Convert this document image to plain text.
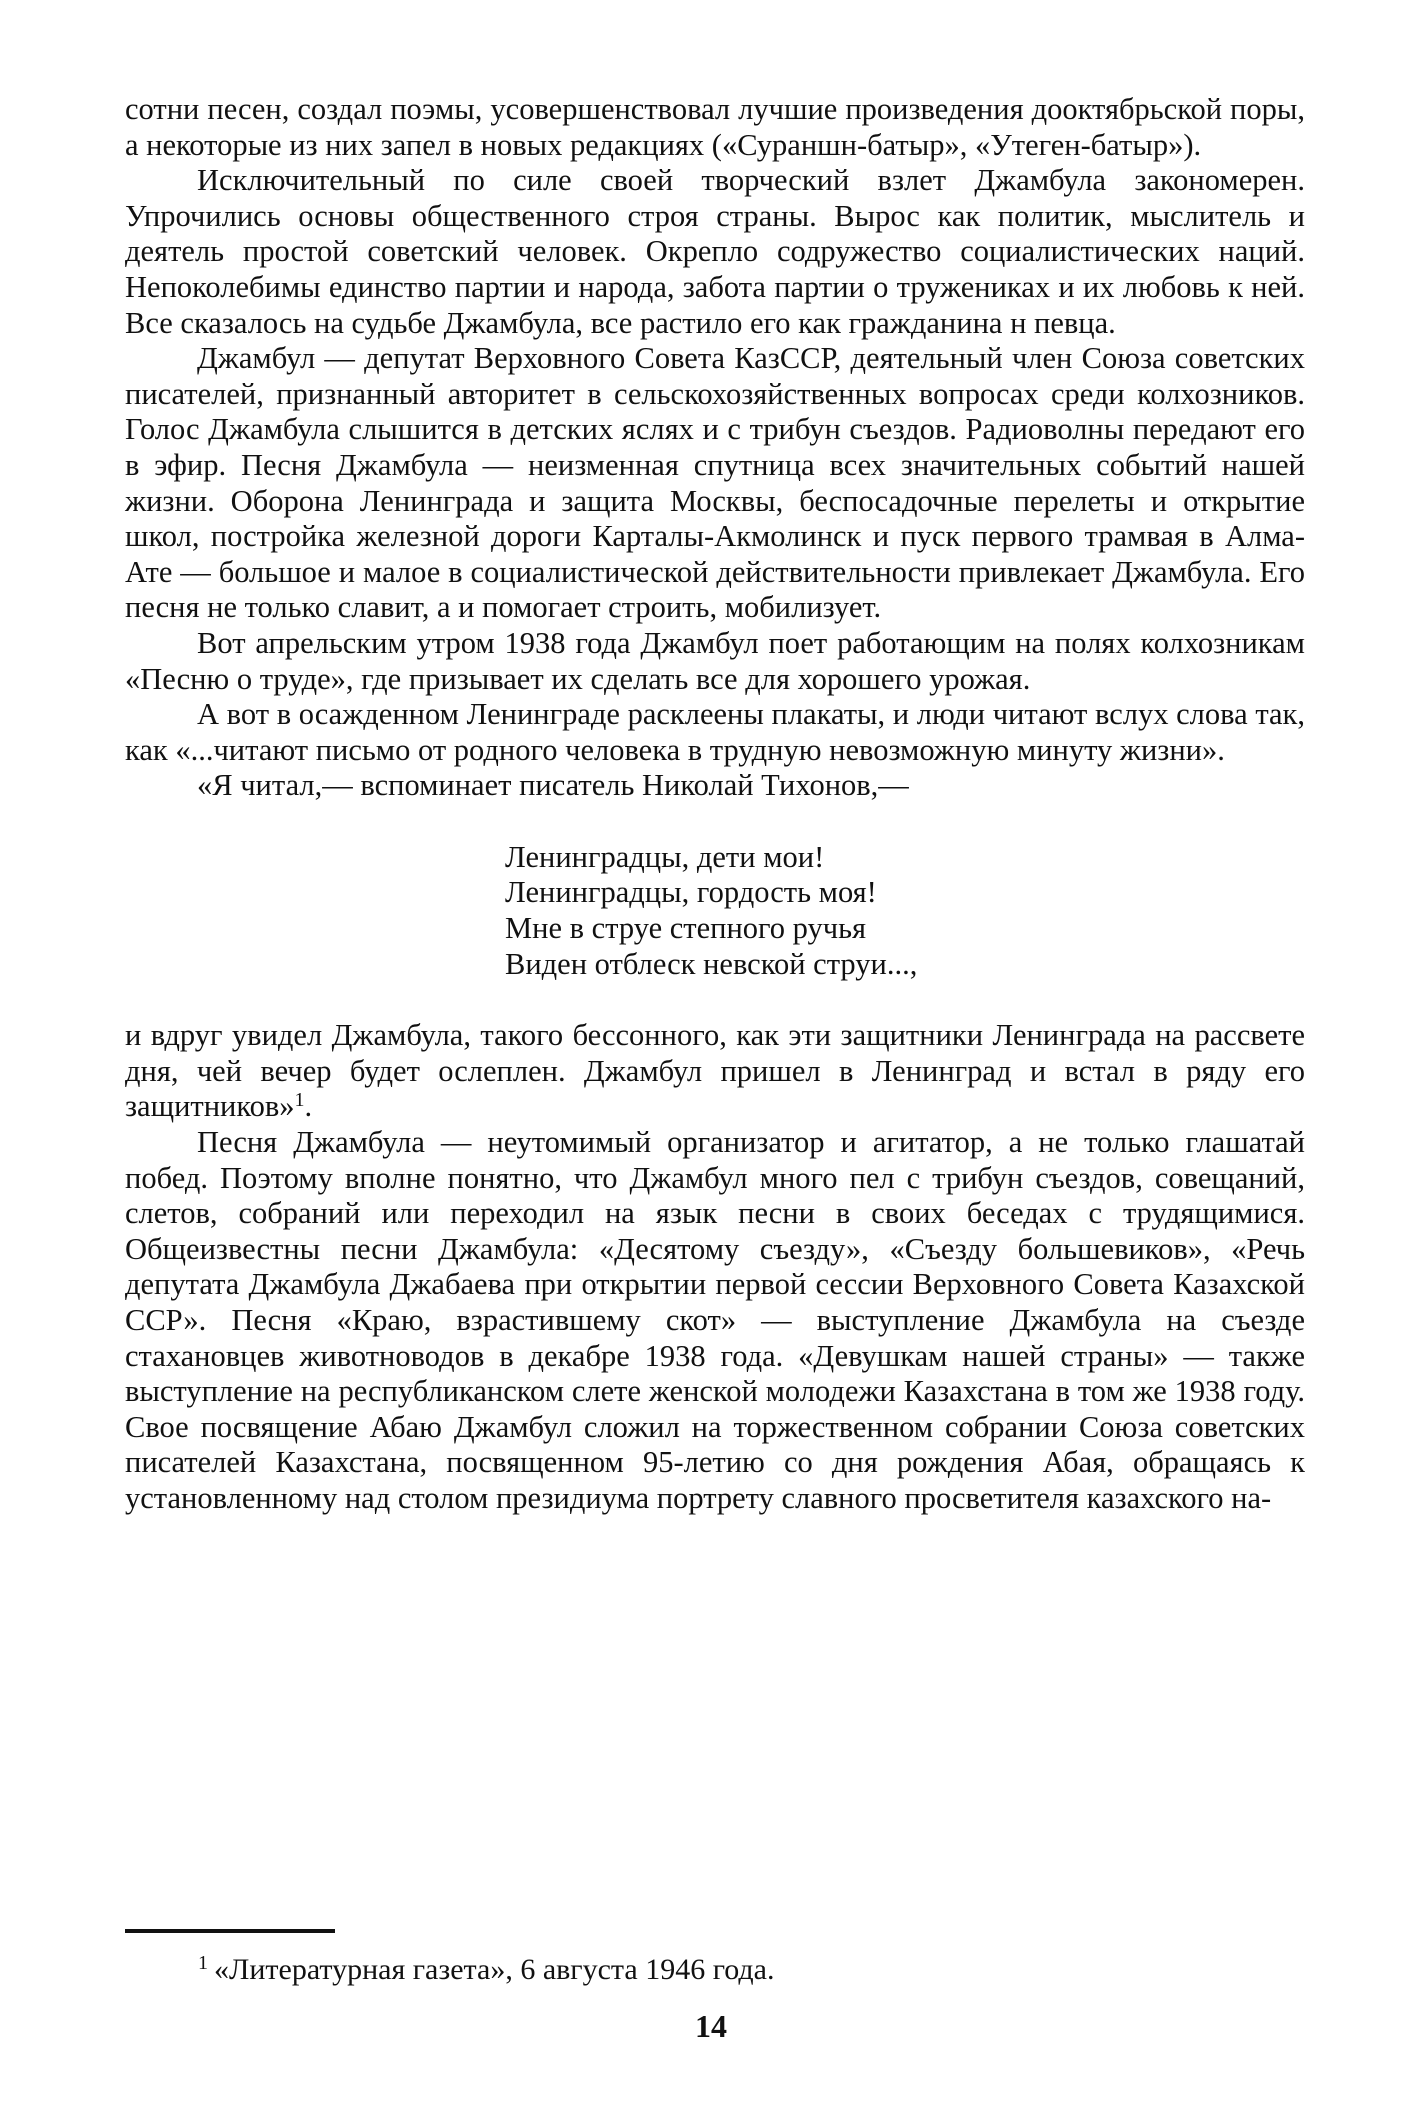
сотни песен, создал поэмы, усовершенствовал лучшие произведения доoктябрьской поры, а некоторые из них запел в новых редакциях («Сураншн-батыр», «Утеген-батыр»).

Исключительный по силе своей творческий взлет Джамбула закономерен. Упрочились основы общественного строя страны. Вырос как политик, мыслитель и деятель простой советский человек. Окрепло содружество социалистических наций. Непоколебимы единство партии и народа, забота партии о тружениках и их любовь к ней. Все сказалось на судьбе Джамбула, все растило его как гражданина н певца.

Джамбул — депутат Верховного Совета КазССР, деятельный член Союза советских писателей, признанный авторитет в сельскохозяйственных вопросах среди колхозников. Голос Джамбула слышится в детских яслях и с трибун съездов. Радиоволны передают его в эфир. Песня Джамбула — неизменная спутница всех значительных событий нашей жизни. Оборона Ленинграда и защита Москвы, беспосадочные перелеты и открытие школ, постройка железной дороги Карталы-Акмолинск и пуск первого трамвая в Алма-Ате — большое и малое в социалистической действительности привлекает Джамбула. Его песня не только славит, а и помогает строить, мобилизует.

Вот апрельским утром 1938 года Джамбул поет работающим на полях колхозникам «Песню о труде», где призывает их сделать все для хорошего урожая.

А вот в осажденном Ленинграде расклеены плакаты, и люди читают вслух слова так, как «...читают письмо от родного человека в трудную невозможную минуту жизни».

«Я читал,— вспоминает писатель Николай Тихонов,—

Ленинградцы, дети мои!
Ленинградцы, гордость моя!
Мне в струе степного ручья
Виден отблеск невской струи...,

и вдруг увидел Джамбула, такого бессонного, как эти защитники Ленинграда на рассвете дня, чей вечер будет ослеплен. Джамбул пришел в Ленинград и встал в ряду его защитников»$^1$.

Песня Джамбула — неутомимый организатор и агитатор, а не только глашатай побед. Поэтому вполне понятно, что Джамбул много пел с трибун съездов, совещаний, слетов, собраний или переходил на язык песни в своих беседах с трудящимися. Общеизвестны песни Джамбула: «Десятому съезду», «Съезду большевиков», «Речь депутата Джамбула Джабаева при открытии первой сессии Верховного Совета Казахской ССР». Песня «Краю, взрастившему скот» — выступление Джамбула на съезде стахановцев животноводов в декабре 1938 года. «Девушкам нашей страны» — также выступление на республиканском слете женской молодежи Казахстана в том же 1938 году. Свое посвящение Абаю Джамбул сложил на торжественном собрании Союза советских писателей Казахстана, посвященном 95-летию со дня рождения Абая, обращаясь к установленному над столом президиума портрету славного просветителя казахского на-

$^1$ «Литературная газета», 6 августа 1946 года.
14
